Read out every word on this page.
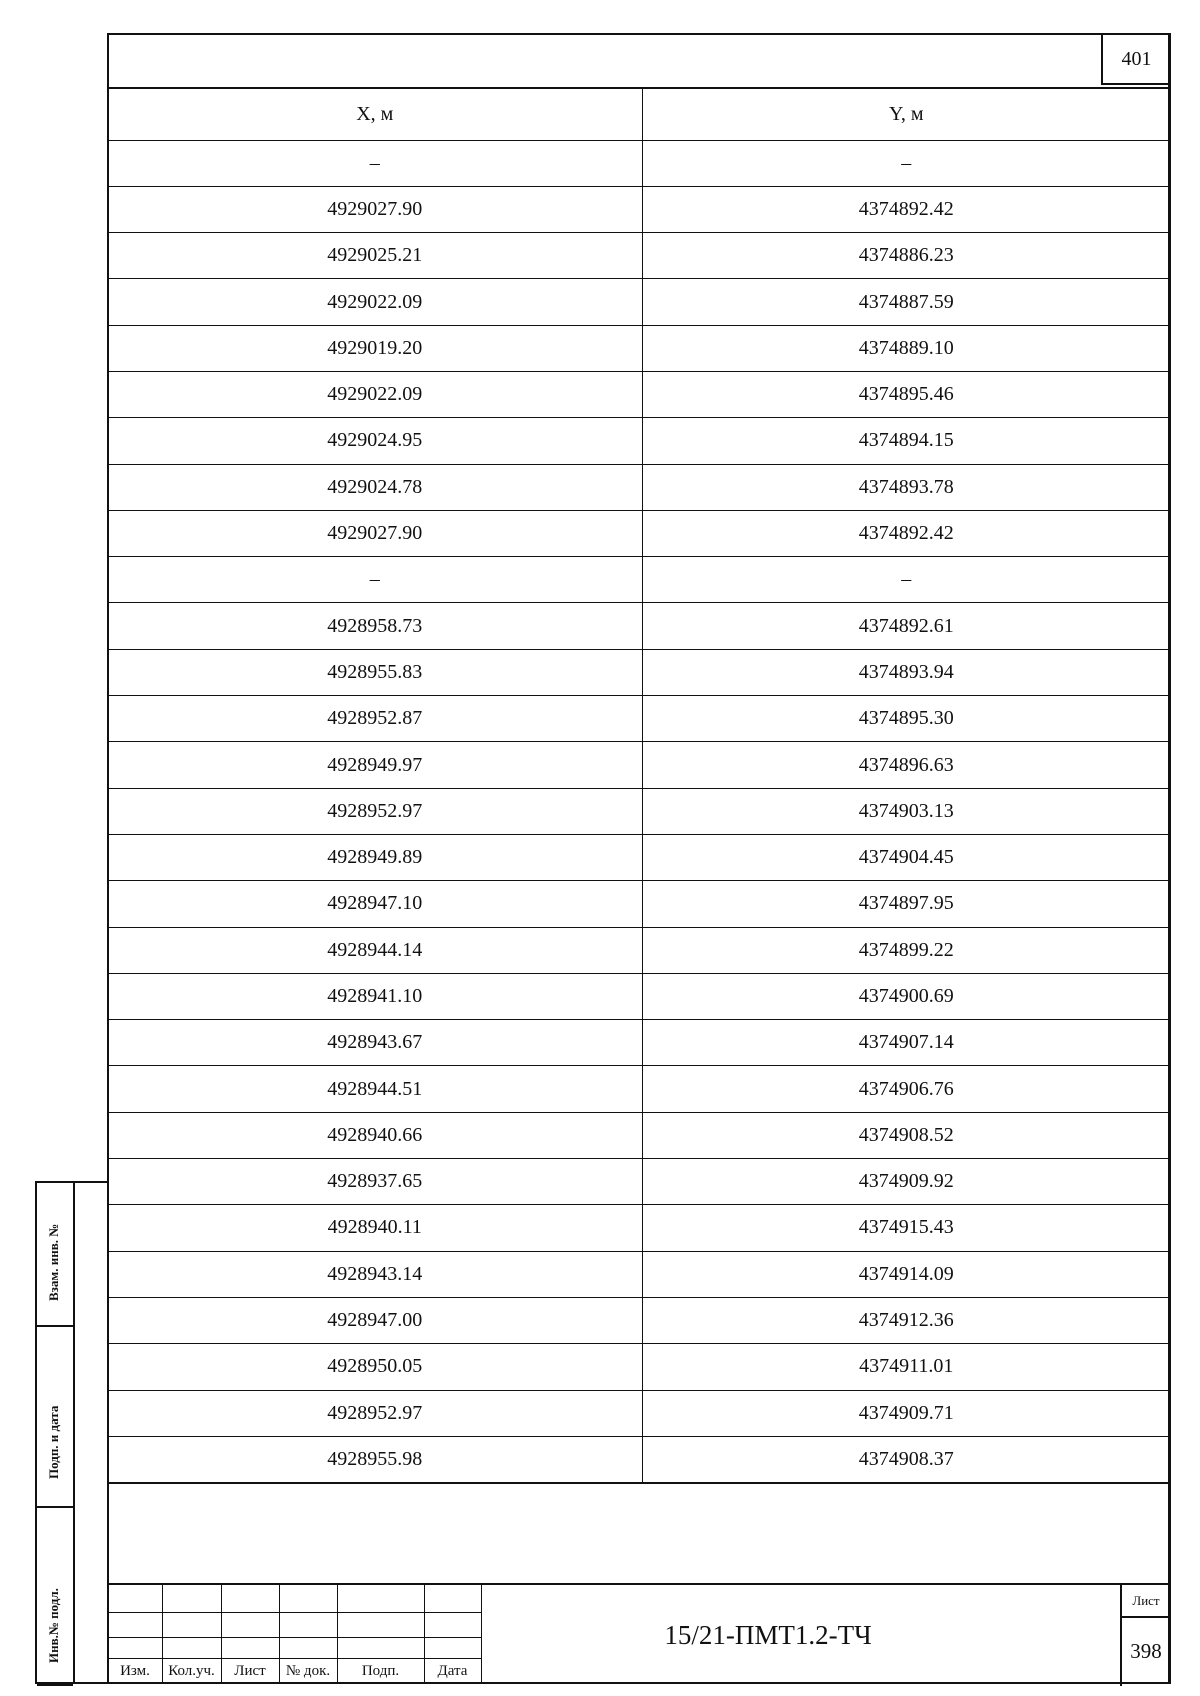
401
X, м	Y, м
–	–
4929027.90	4374892.42
4929025.21	4374886.23
4929022.09	4374887.59
4929019.20	4374889.10
4929022.09	4374895.46
4929024.95	4374894.15
4929024.78	4374893.78
4929027.90	4374892.42
–	–
4928958.73	4374892.61
4928955.83	4374893.94
4928952.87	4374895.30
4928949.97	4374896.63
4928952.97	4374903.13
4928949.89	4374904.45
4928947.10	4374897.95
4928944.14	4374899.22
4928941.10	4374900.69
4928943.67	4374907.14
4928944.51	4374906.76
4928940.66	4374908.52
4928937.65	4374909.92
4928940.11	4374915.43
4928943.14	4374914.09
4928947.00	4374912.36
4928950.05	4374911.01
4928952.97	4374909.71
4928955.98	4374908.37
Взам. инв. №
Подп. и дата
Инв.№ подл.
Изм.	Кол.уч.	Лист	№ док.	Подп.	Дата
15/21-ПМТ1.2-ТЧ
Лист
398
